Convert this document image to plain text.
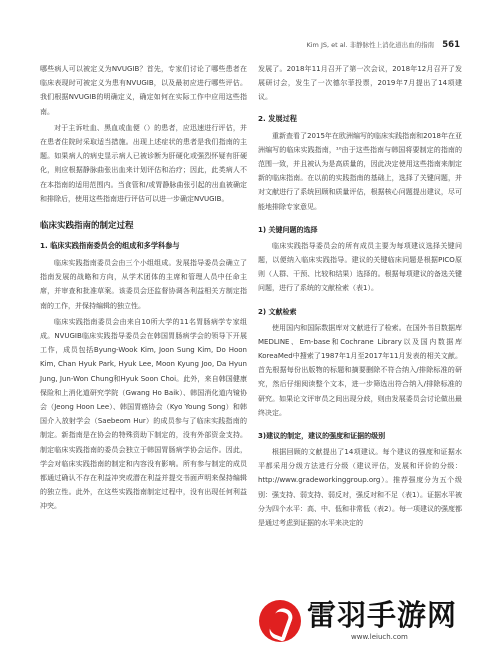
Kim JS, et al. 非静脉性上消化道出血的指南 561

哪些病人可以被定义为NVUGIB？首先，专家们讨论了哪些患者在临床表现时可被定义为患有NVUGIB，以及最初应进行哪些评估。我们根据NVUGIB的明确定义，确定如何在实际工作中应用这些指南。

对于主诉吐血、黑血或血便（）的患者，应迅速进行评估，并在患者住院时采取适当措施。出现上述症状的患者是我们指南的主题。如果病人的病史显示病人已被诊断为肝硬化或强烈怀疑有肝硬化，则应根据静脉曲张出血来计划评估和治疗；因此，此类病人不在本指南的适用范围内。当食管和/或胃静脉曲张引起的出血被确定和排除后，使用这些指南进行评估可以进一步确定NVUGIB。

临床实践指南的制定过程
1. 临床实践指南委员会的组成和多学科参与

临床实践指南委员会由三个小组组成。发展指导委员会确立了指南发展的战略和方向，从学术团体的主席和管理人员中任命主席，并审查和批准草案。该委员会还监督协调各利益相关方制定指南的工作，并保持编辑的独立性。

临床实践指南委员会由来自10所大学的11名胃肠病学专家组成。NVUGIB临床实践指导委员会在韩国胃肠病学会的领导下开展工作，成员包括Byung-Wook Kim, Joon Sung Kim, Do Hoon Kim, Chan Hyuk Park, Hyuk Lee, Moon Kyung Joo, Da Hyun Jung, Jun-Won Chung和Hyuk Soon Choi。此外，来自韩国健康保险和上消化道研究学院（Gwang Ho Baik）、韩国消化道内镜协会（Jeong Hoon Lee）、韩国胃癌协会（Kyo Young Song）和韩国介入放射学会（Saebeom Hur）的成员参与了临床实践指南的制定。新指南是在协会的特殊资助下制定的，没有外部资金支持。制定临床实践指南的委员会独立于韩国胃肠病学协会运作。因此，学会对临床实践指南的制定和内容没有影响。所有参与制定的成员都通过确认不存在利益冲突或潜在利益并提交书面声明来保持编辑的独立性。此外，在这些实践指南制定过程中，没有出现任何利益冲突。

发展了。2018年11月召开了第一次会议，2018年12月召开了发展研讨会，发生了一次德尔菲投票，2019年7月提出了14项建议。

2. 发展过程

重新查看了2015年在欧洲编写的临床实践指南和2018年在亚洲编写的临床实践指南，¹⁰由于这些指南与韩国将要制定的指南的范围一致，并且被认为是高质量的，因此决定使用这些指南来制定新的临床指南。在以前的实践指南的基础上，选择了关键问题，并对文献进行了系统回顾和质量评估，根据核心问题提出建议，尽可能地排除专家意见。

1) 关键问题的选择

临床实践指导委员会的所有成员主要为每项建议选择关键问题，以便纳入临床实践指导。建议的关键临床问题是根据PICO原则（人群、干预、比较和结果）选择的。根据每项建议的备选关键问题，进行了系统的文献检索（表1）。

2) 文献检索

使用国内和国际数据库对文献进行了检索。在国外书目数据库MEDLINE、Em-base和Cochrane Library以及国内数据库KoreaMed中搜索了1987年1月至2017年11月发表的相关文献。首先根据每份出版物的标题和摘要删除不符合纳入/排除标准的研究，然后仔细阅读整个文本，进一步筛选出符合纳入/排除标准的研究。如果论文评审员之间出现分歧，则由发展委员会讨论做出最终决定。

3)建议的制定，建议的强度和证据的级别

根据回顾的文献提出了14项建议。每个建议的强度和证据水平都采用分级方法进行分级（建议评估，发展和评价的分级：http://www.gradeworkinggroup.org）。推荐强度分为五个级别：强支持、弱支持、弱反对，强反对和不足（表1）。证据水平被分为四个水平：高、中、低和非常低（表2）。每一项建议的强度都是通过考虑到证据的水平来决定的

雷羽手游网
www.leiuch.com
